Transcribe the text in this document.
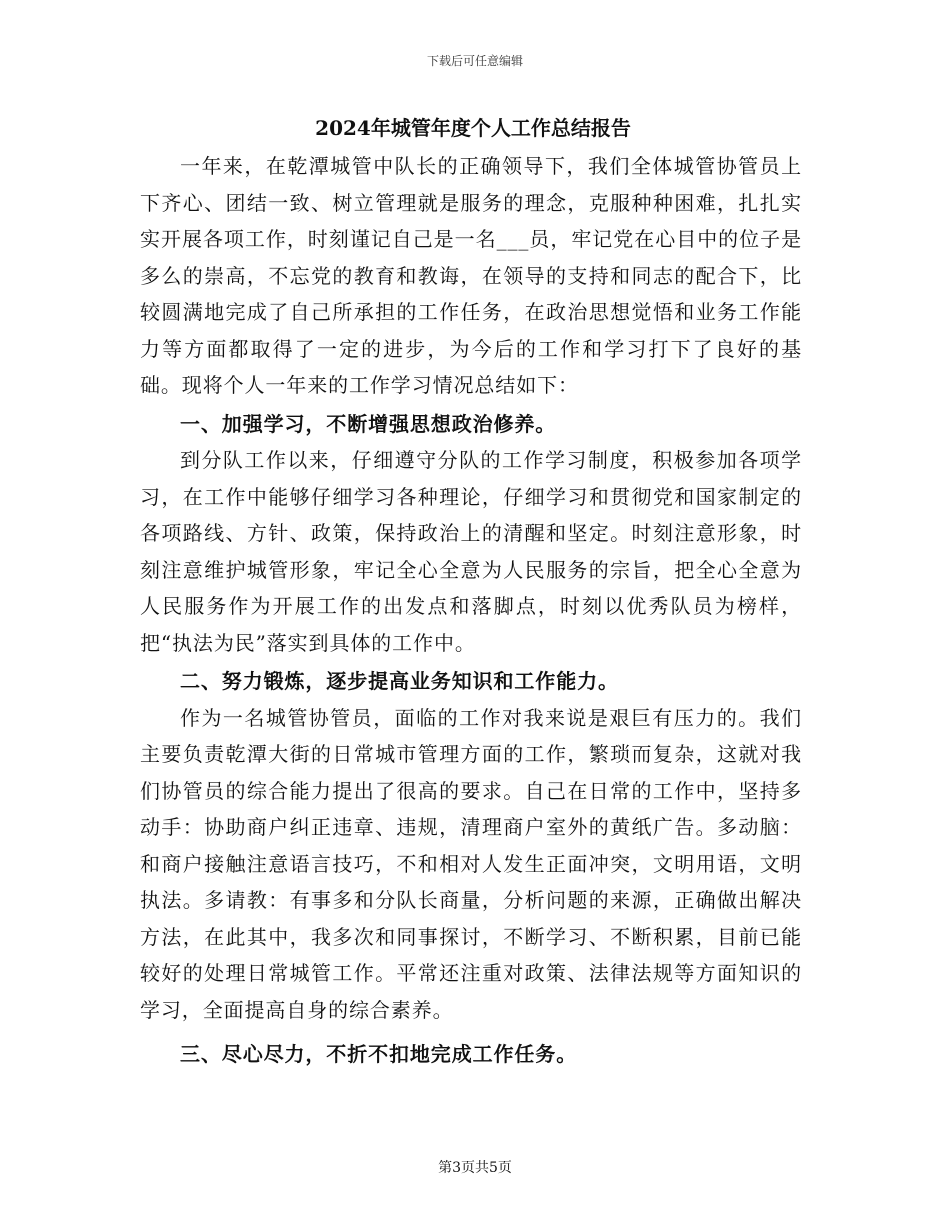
下载后可任意编辑
2024年城管年度个人工作总结报告

一年来，在乾潭城管中队长的正确领导下，我们全体城管协管员上下齐心、团结一致、树立管理就是服务的理念，克服种种困难，扎扎实实开展各项工作，时刻谨记自己是一名___员，牢记党在心目中的位子是多么的崇高，不忘党的教育和教诲，在领导的支持和同志的配合下，比较圆满地完成了自己所承担的工作任务，在政治思想觉悟和业务工作能力等方面都取得了一定的进步，为今后的工作和学习打下了良好的基础。现将个人一年来的工作学习情况总结如下：

一、加强学习，不断增强思想政治修养。

到分队工作以来，仔细遵守分队的工作学习制度，积极参加各项学习，在工作中能够仔细学习各种理论，仔细学习和贯彻党和国家制定的各项路线、方针、政策，保持政治上的清醒和坚定。时刻注意形象，时刻注意维护城管形象，牢记全心全意为人民服务的宗旨，把全心全意为人民服务作为开展工作的出发点和落脚点，时刻以优秀队员为榜样，把“执法为民”落实到具体的工作中。

二、努力锻炼，逐步提高业务知识和工作能力。

作为一名城管协管员，面临的工作对我来说是艰巨有压力的。我们主要负责乾潭大街的日常城市管理方面的工作，繁琐而复杂，这就对我们协管员的综合能力提出了很高的要求。自己在日常的工作中，坚持多动手：协助商户纠正违章、违规，清理商户室外的黄纸广告。多动脑：和商户接触注意语言技巧，不和相对人发生正面冲突，文明用语，文明执法。多请教：有事多和分队长商量，分析问题的来源，正确做出解决方法，在此其中，我多次和同事探讨，不断学习、不断积累，目前已能较好的处理日常城管工作。平常还注重对政策、法律法规等方面知识的学习，全面提高自身的综合素养。

三、尽心尽力，不折不扣地完成工作任务。

第3页共5页
